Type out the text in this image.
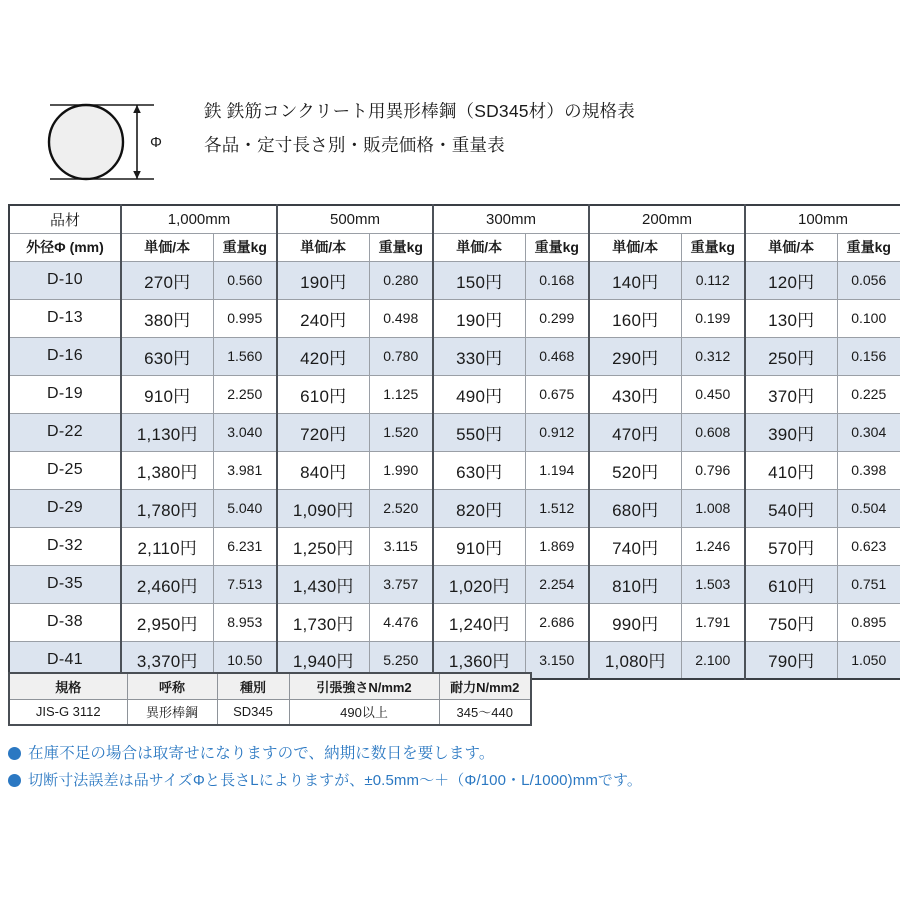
Φ
鉄 鉄筋コンクリート用異形棒鋼（SD345材）の規格表
各品・定寸長さ別・販売価格・重量表
品材	1,000mm		500mm		300mm		200mm		100mm	
外径Φ (mm)	単価/本	重量kg	単価/本	重量kg	単価/本	重量kg	単価/本	重量kg	単価/本	重量kg
D-10	270円	0.560	190円	0.280	150円	0.168	140円	0.112	120円	0.056
D-13	380円	0.995	240円	0.498	190円	0.299	160円	0.199	130円	0.100
D-16	630円	1.560	420円	0.780	330円	0.468	290円	0.312	250円	0.156
D-19	910円	2.250	610円	1.125	490円	0.675	430円	0.450	370円	0.225
D-22	1,130円	3.040	720円	1.520	550円	0.912	470円	0.608	390円	0.304
D-25	1,380円	3.981	840円	1.990	630円	1.194	520円	0.796	410円	0.398
D-29	1,780円	5.040	1,090円	2.520	820円	1.512	680円	1.008	540円	0.504
D-32	2,110円	6.231	1,250円	3.115	910円	1.869	740円	1.246	570円	0.623
D-35	2,460円	7.513	1,430円	3.757	1,020円	2.254	810円	1.503	610円	0.751
D-38	2,950円	8.953	1,730円	4.476	1,240円	2.686	990円	1.791	750円	0.895
D-41	3,370円	10.50	1,940円	5.250	1,360円	3.150	1,080円	2.100	790円	1.050
規格	呼称	種別	引張強さN/mm2	耐力N/mm2
JIS-G 3112	異形棒鋼	SD345	490以上	345〜440
在庫不足の場合は取寄せになりますので、納期に数日を要します。
切断寸法誤差は品サイズΦと長さLによりますが、±0.5mm〜＋（Φ/100・L/1000)mmです。
